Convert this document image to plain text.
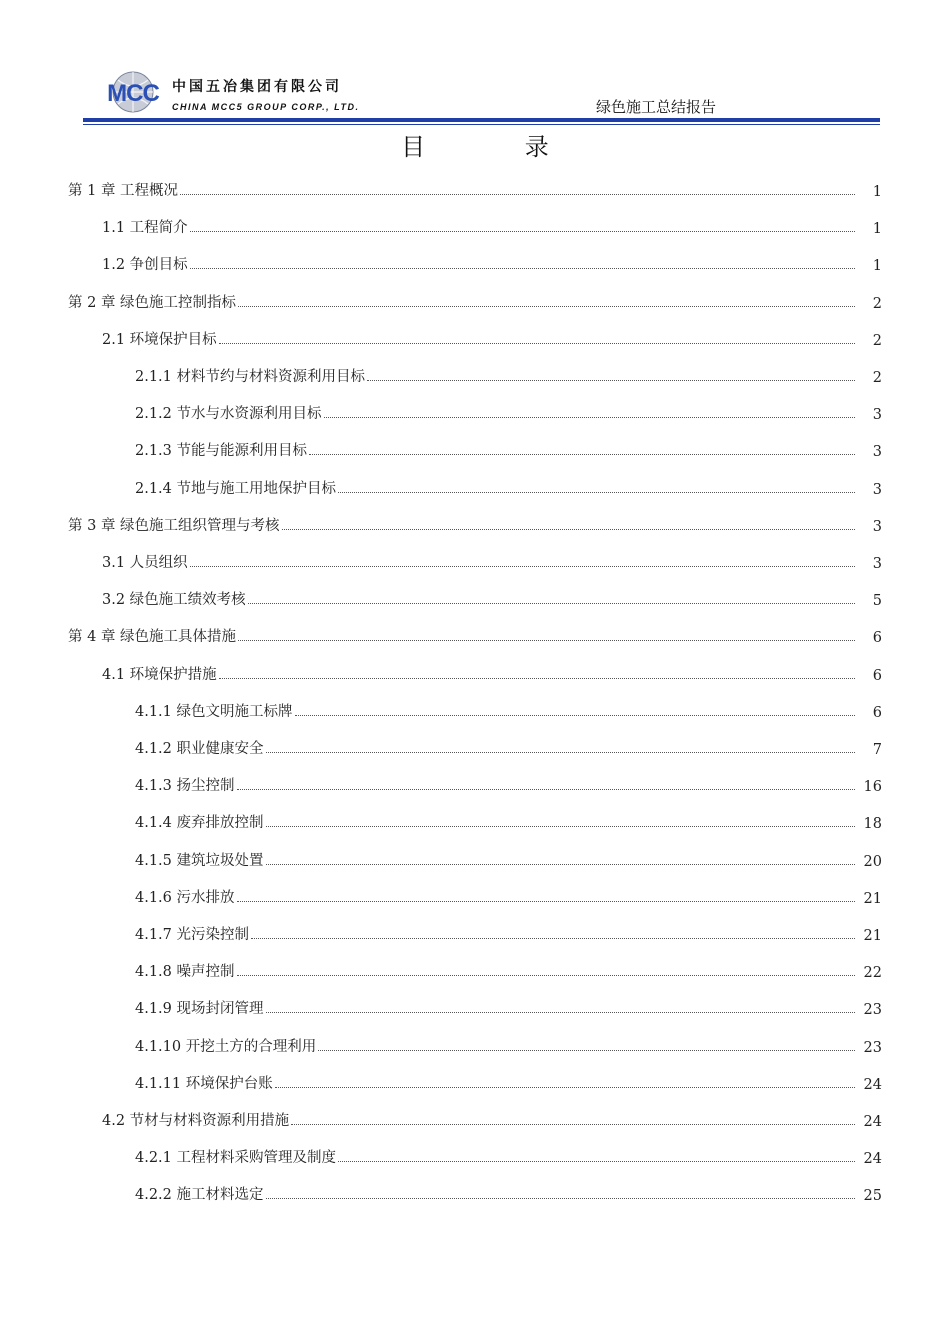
MCC 中国五冶集团有限公司
CHINA MCC5 GROUP CORP., LTD.	绿色施工总结报告
目 录
第 1 章 工程概况	1
1.1 工程简介	1
1.2 争创目标	1
第 2 章 绿色施工控制指标	2
2.1 环境保护目标	2
2.1.1 材料节约与材料资源利用目标	2
2.1.2 节水与水资源利用目标	3
2.1.3 节能与能源利用目标	3
2.1.4 节地与施工用地保护目标	3
第 3 章 绿色施工组织管理与考核	3
3.1 人员组织	3
3.2 绿色施工绩效考核	5
第 4 章 绿色施工具体措施	6
4.1 环境保护措施	6
4.1.1 绿色文明施工标牌	6
4.1.2 职业健康安全	7
4.1.3 扬尘控制	16
4.1.4 废弃排放控制	18
4.1.5 建筑垃圾处置	20
4.1.6 污水排放	21
4.1.7 光污染控制	21
4.1.8 噪声控制	22
4.1.9 现场封闭管理	23
4.1.10 开挖土方的合理利用	23
4.1.11 环境保护台账	24
4.2 节材与材料资源利用措施	24
4.2.1 工程材料采购管理及制度	24
4.2.2 施工材料选定	25
